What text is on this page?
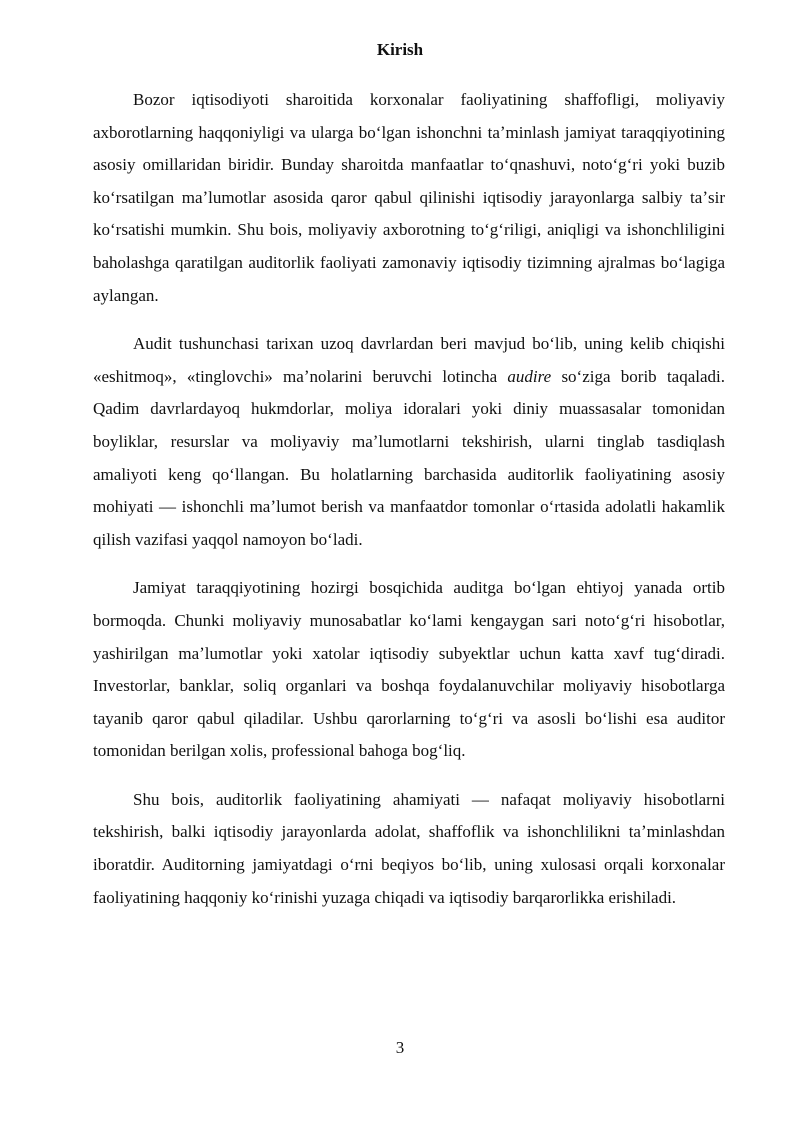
Kirish

Bozor iqtisodiyoti sharoitida korxonalar faoliyatining shaffofligi, moliyaviy axborotlarning haqqoniyligi va ularga boʻlgan ishonchni taʼminlash jamiyat taraqqiyotining asosiy omillaridan biridir. Bunday sharoitda manfaatlar toʻqnashuvi, notoʻgʻri yoki buzib koʻrsatilgan maʼlumotlar asosida qaror qabul qilinishi iqtisodiy jarayonlarga salbiy taʼsir koʻrsatishi mumkin. Shu bois, moliyaviy axborotning toʻgʻriligi, aniqligi va ishonchliligini baholashga qaratilgan auditorlik faoliyati zamonaviy iqtisodiy tizimning ajralmas boʻlagiga aylangan.

Audit tushunchasi tarixan uzoq davrlardan beri mavjud boʻlib, uning kelib chiqishi «eshitmoq», «tinglovchi» maʼnolarini beruvchi lotincha audire soʻziga borib taqaladi. Qadim davrlardayoq hukmdorlar, moliya idoralari yoki diniy muassasalar tomonidan boyliklar, resurslar va moliyaviy maʼlumotlarni tekshirish, ularni tinglab tasdiqlash amaliyoti keng qoʻllangan. Bu holatlarning barchasida auditorlik faoliyatining asosiy mohiyati — ishonchli maʼlumot berish va manfaatdor tomonlar oʻrtasida adolatli hakamlik qilish vazifasi yaqqol namoyon boʻladi.

Jamiyat taraqqiyotining hozirgi bosqichida auditga boʻlgan ehtiyoj yanada ortib bormoqda. Chunki moliyaviy munosabatlar koʻlami kengaygan sari notoʻgʻri hisobotlar, yashirilgan maʼlumotlar yoki xatolar iqtisodiy subyektlar uchun katta xavf tugʻdiradi. Investorlar, banklar, soliq organlari va boshqa foydalanuvchilar moliyaviy hisobotlarga tayanib qaror qabul qiladilar. Ushbu qarorlarning toʻgʻri va asosli boʻlishi esa auditor tomonidan berilgan xolis, professional bahoga bogʻliq.

Shu bois, auditorlik faoliyatining ahamiyati — nafaqat moliyaviy hisobotlarni tekshirish, balki iqtisodiy jarayonlarda adolat, shaffoflik va ishonchlilikni taʼminlashdan iboratdir. Auditorning jamiyatdagi oʻrni beqiyos boʻlib, uning xulosasi orqali korxonalar faoliyatining haqqoniy koʻrinishi yuzaga chiqadi va iqtisodiy barqarorlikka erishiladi.

3
